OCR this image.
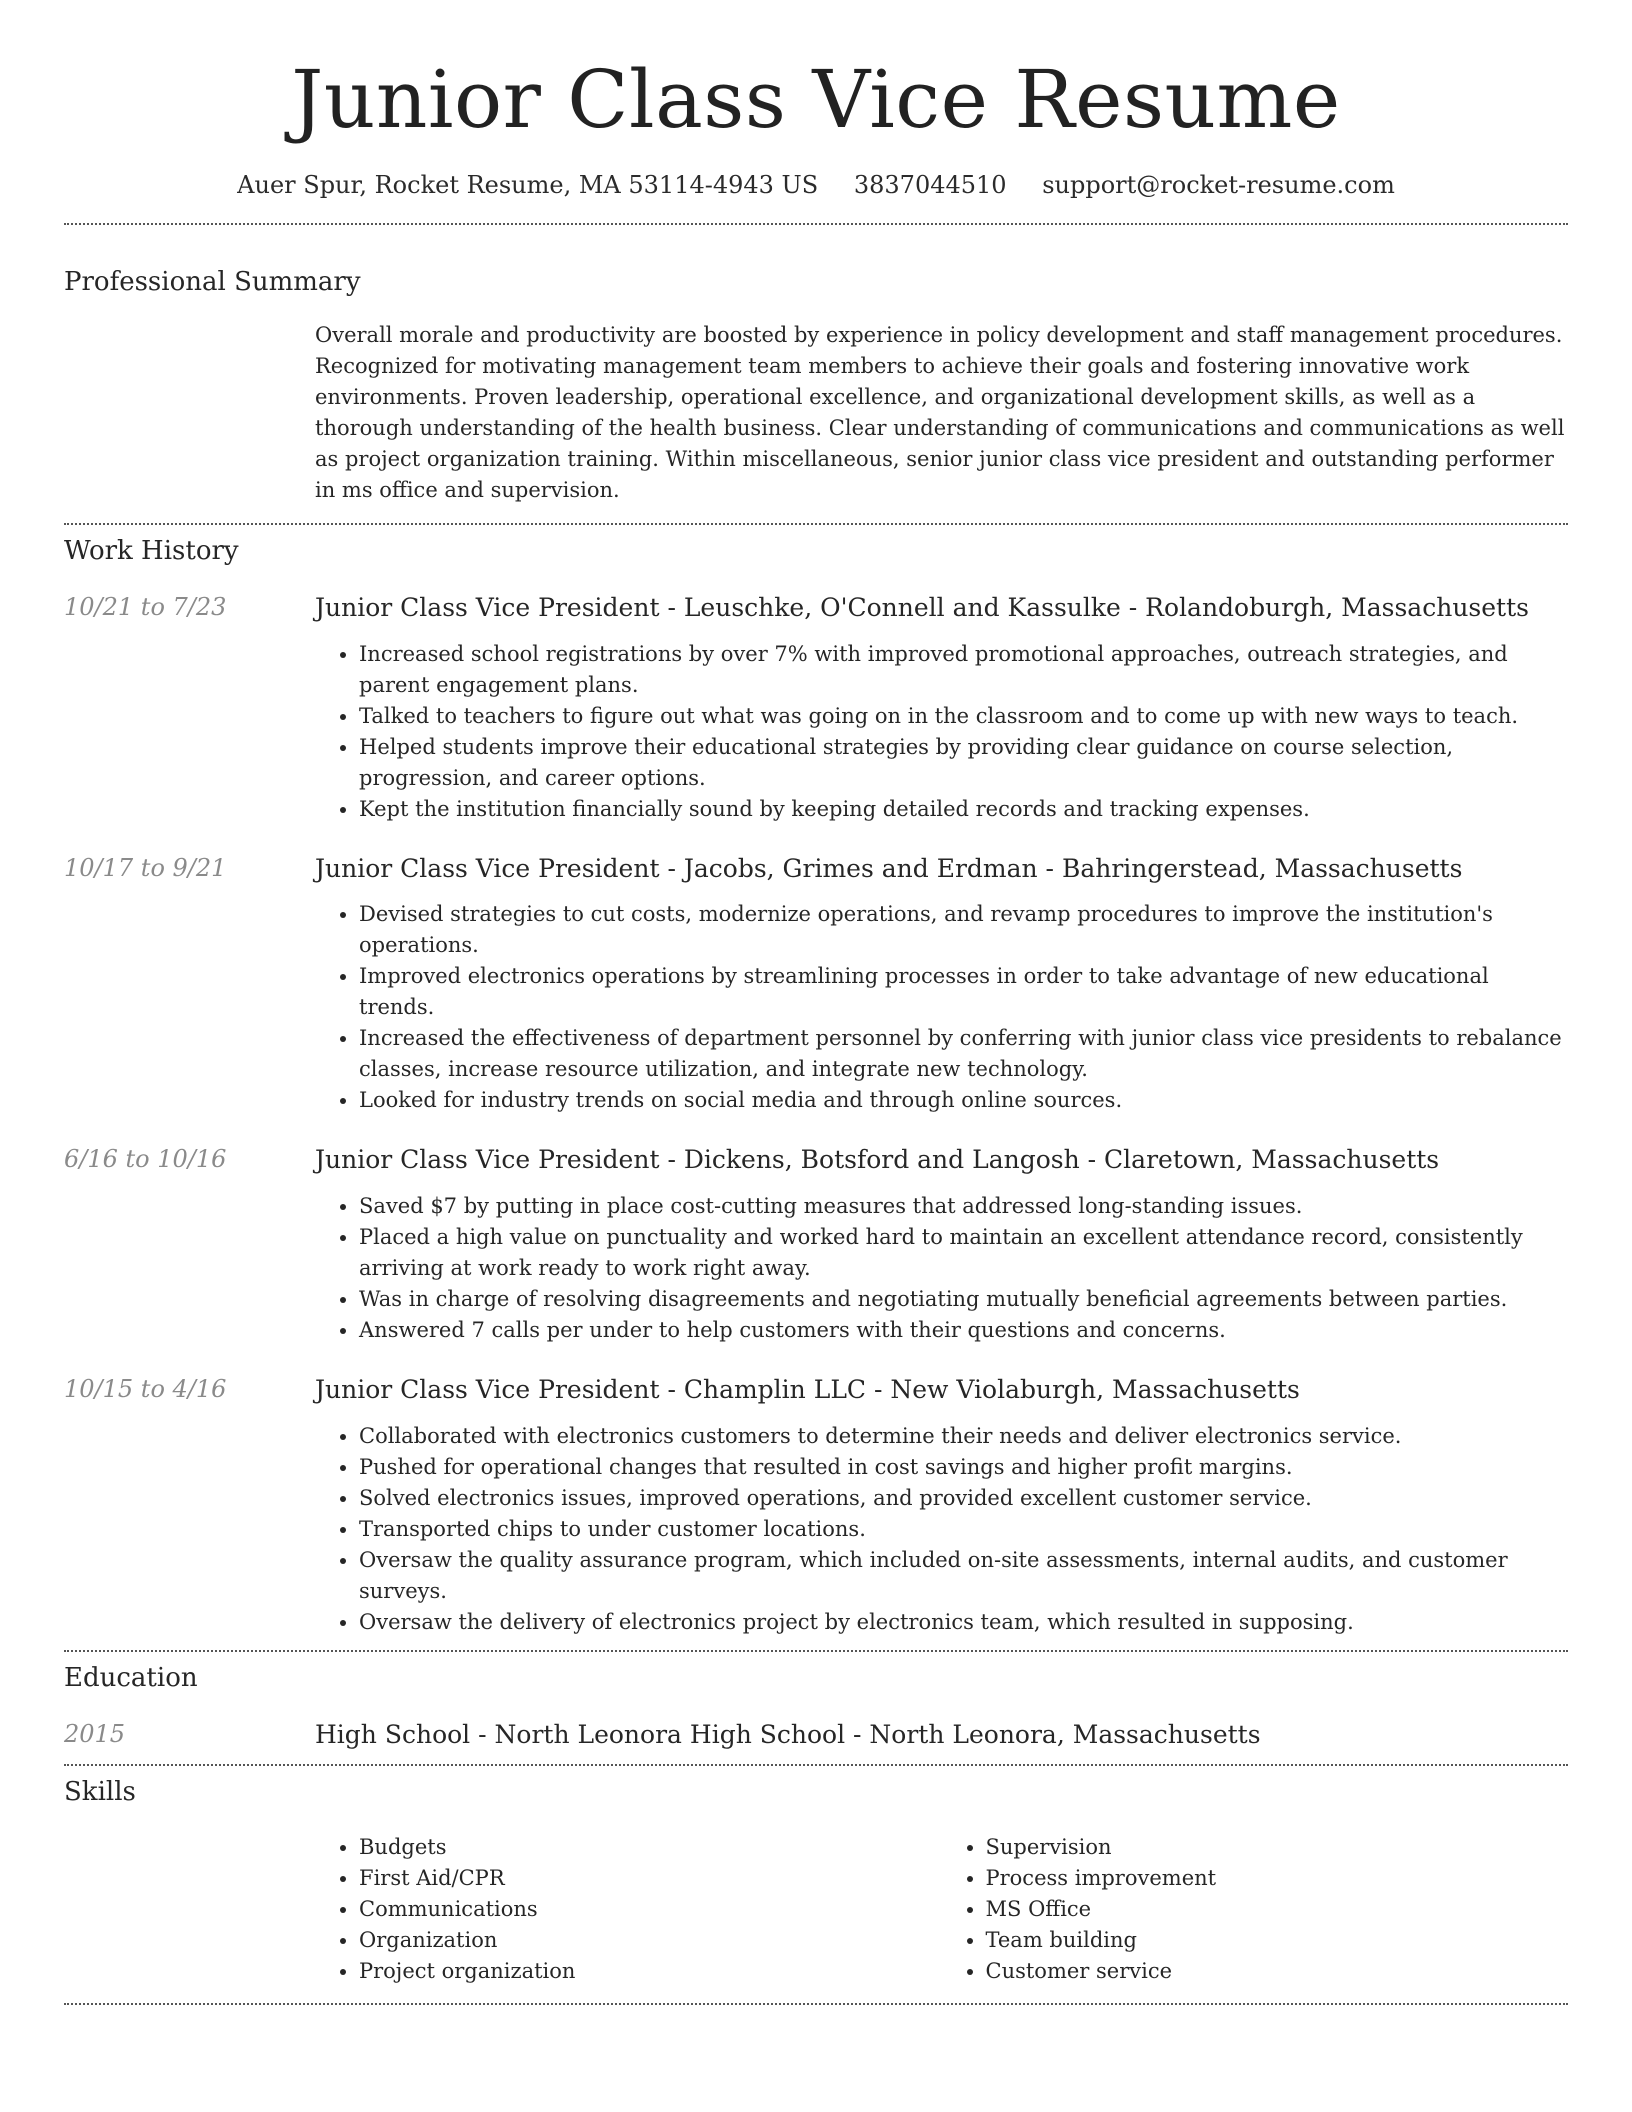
Junior Class Vice Resume
Auer Spur, Rocket Resume, MA 53114-4943 US 3837044510 support@rocket-resume.com
Professional Summary

Overall morale and productivity are boosted by experience in policy development and staff management procedures. Recognized for motivating management team members to achieve their goals and fostering innovative work environments. Proven leadership, operational excellence, and organizational development skills, as well as a thorough understanding of the health business. Clear understanding of communications and communications as well as project organization training. Within miscellaneous, senior junior class vice president and outstanding performer in ms office and supervision.

Work History
10/21 to 7/23	Junior Class Vice President - Leuschke, O'Connell and Kassulke - Rolandoburgh, Massachusetts
• Increased school registrations by over 7% with improved promotional approaches, outreach strategies, and parent engagement plans.
• Talked to teachers to figure out what was going on in the classroom and to come up with new ways to teach.
• Helped students improve their educational strategies by providing clear guidance on course selection, progression, and career options.
• Kept the institution financially sound by keeping detailed records and tracking expenses.
10/17 to 9/21	Junior Class Vice President - Jacobs, Grimes and Erdman - Bahringerstead, Massachusetts
• Devised strategies to cut costs, modernize operations, and revamp procedures to improve the institution's operations.
• Improved electronics operations by streamlining processes in order to take advantage of new educational trends.
• Increased the effectiveness of department personnel by conferring with junior class vice presidents to rebalance classes, increase resource utilization, and integrate new technology.
• Looked for industry trends on social media and through online sources.
6/16 to 10/16	Junior Class Vice President - Dickens, Botsford and Langosh - Claretown, Massachusetts
• Saved $7 by putting in place cost-cutting measures that addressed long-standing issues.
• Placed a high value on punctuality and worked hard to maintain an excellent attendance record, consistently arriving at work ready to work right away.
• Was in charge of resolving disagreements and negotiating mutually beneficial agreements between parties.
• Answered 7 calls per under to help customers with their questions and concerns.
10/15 to 4/16	Junior Class Vice President - Champlin LLC - New Violaburgh, Massachusetts
• Collaborated with electronics customers to determine their needs and deliver electronics service.
• Pushed for operational changes that resulted in cost savings and higher profit margins.
• Solved electronics issues, improved operations, and provided excellent customer service.
• Transported chips to under customer locations.
• Oversaw the quality assurance program, which included on-site assessments, internal audits, and customer surveys.
• Oversaw the delivery of electronics project by electronics team, which resulted in supposing.
Education
2015	High School - North Leonora High School - North Leonora, Massachusetts
Skills
• Budgets
• First Aid/CPR
• Communications
• Organization
• Project organization
• Supervision
• Process improvement
• MS Office
• Team building
• Customer service
